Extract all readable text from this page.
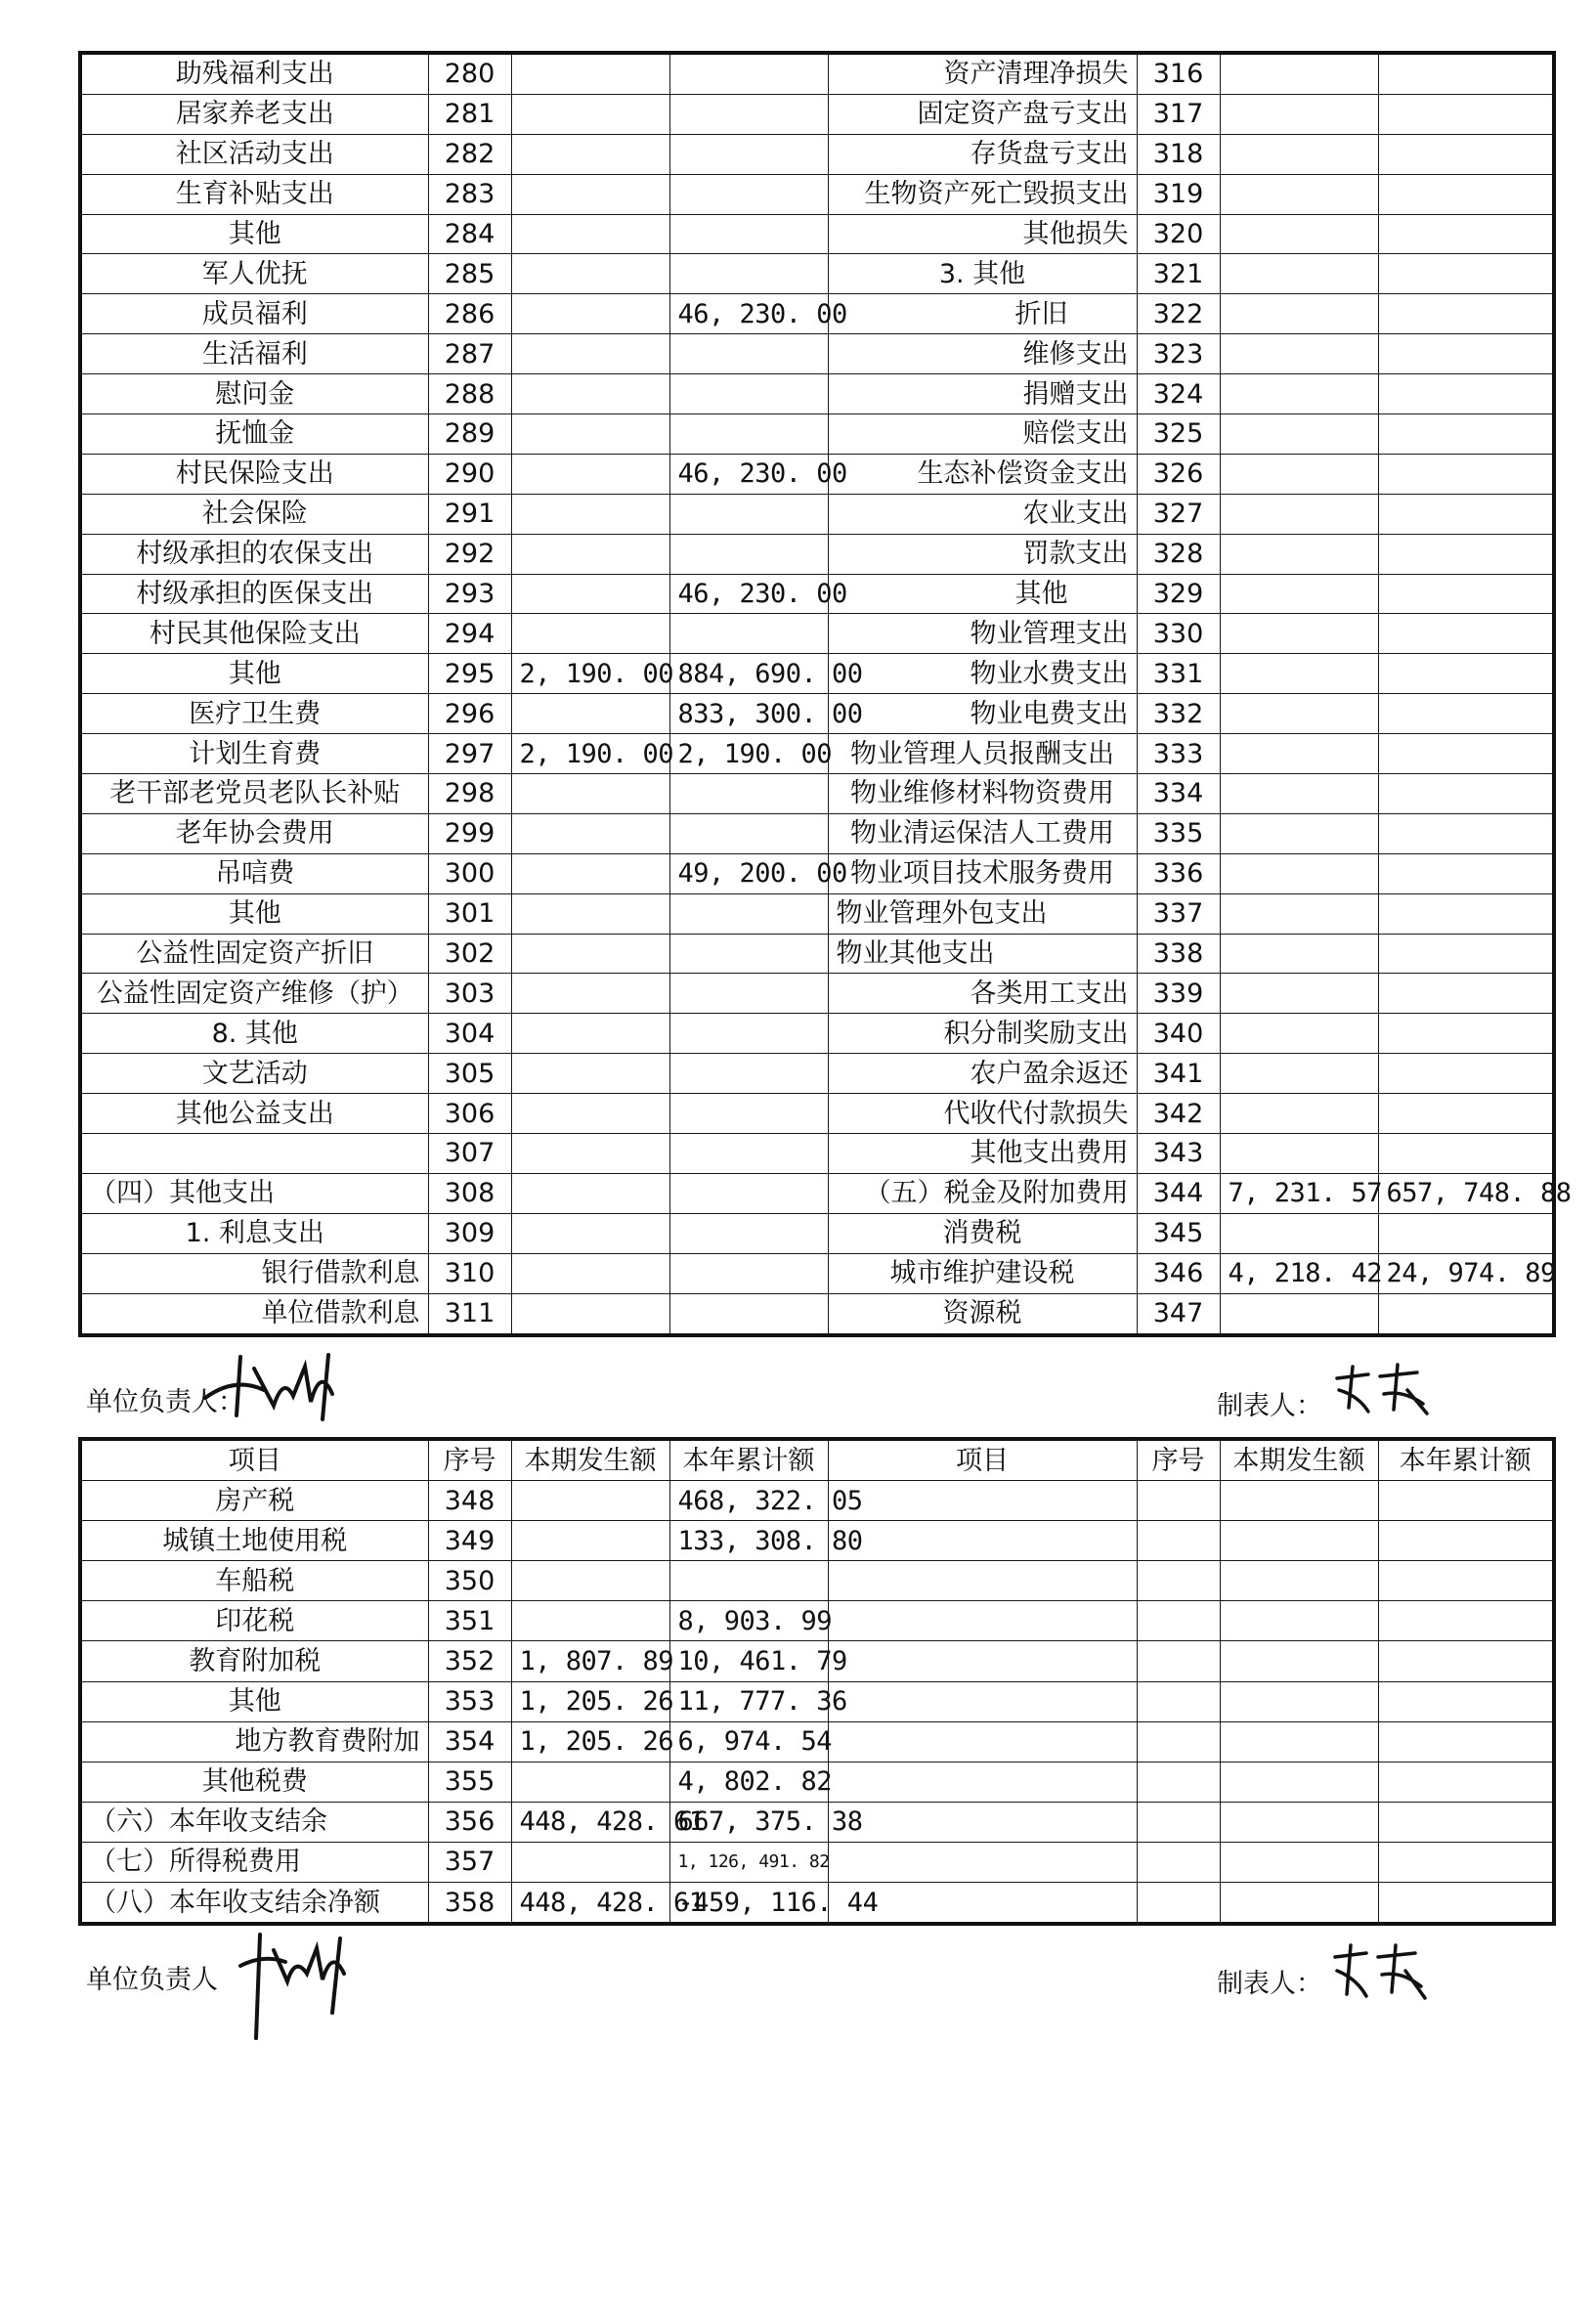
助残福利支出	280			资产清理净损失	316		
居家养老支出	281			固定资产盘亏支出	317		
社区活动支出	282			存货盘亏支出	318		
生育补贴支出	283			生物资产死亡毁损支出	319		
其他	284			其他损失	320		
军人优抚	285			3. 其他	321		
成员福利	286		46, 230. 00	折旧	322		
生活福利	287			维修支出	323		
慰问金	288			捐赠支出	324		
抚恤金	289			赔偿支出	325		
村民保险支出	290		46, 230. 00	生态补偿资金支出	326		
社会保险	291			农业支出	327		
村级承担的农保支出	292			罚款支出	328		
村级承担的医保支出	293		46, 230. 00	其他	329		
村民其他保险支出	294			物业管理支出	330		
其他	295	2, 190. 00	884, 690. 00	物业水费支出	331		
医疗卫生费	296		833, 300. 00	物业电费支出	332		
计划生育费	297	2, 190. 00	2, 190. 00	物业管理人员报酬支出	333		
老干部老党员老队长补贴	298			物业维修材料物资费用	334		
老年协会费用	299			物业清运保洁人工费用	335		
吊唁费	300		49, 200. 00	物业项目技术服务费用	336		
其他	301			物业管理外包支出	337		
公益性固定资产折旧	302			物业其他支出	338		
公益性固定资产维修（护）	303			各类用工支出	339		
8. 其他	304			积分制奖励支出	340		
文艺活动	305			农户盈余返还	341		
其他公益支出	306			代收代付款损失	342		
	307			其他支出费用	343		
（四）其他支出	308			（五）税金及附加费用	344	7, 231. 57	657, 748. 88
1. 利息支出	309			消费税	345		
银行借款利息	310			城市维护建设税	346	4, 218. 42	24, 974. 89
单位借款利息	311			资源税	347		
单位负责人：	制表人：
项目	序号	本期发生额	本年累计额	项目	序号	本期发生额	本年累计额
房产税	348		468, 322. 05				
城镇土地使用税	349		133, 308. 80				
车船税	350						
印花税	351		8, 903. 99				
教育附加税	352	1, 807. 89	10, 461. 79				
其他	353	1, 205. 26	11, 777. 36				
地方教育费附加	354	1, 205. 26	6, 974. 54				
其他税费	355		4, 802. 82				
（六）本年收支结余	356	448, 428. 61	667, 375. 38				
（七）所得税费用	357		1, 126, 491. 82				
（八）本年收支结余净额	358	448, 428. 61	-459, 116. 44				
单位负责人	制表人：
